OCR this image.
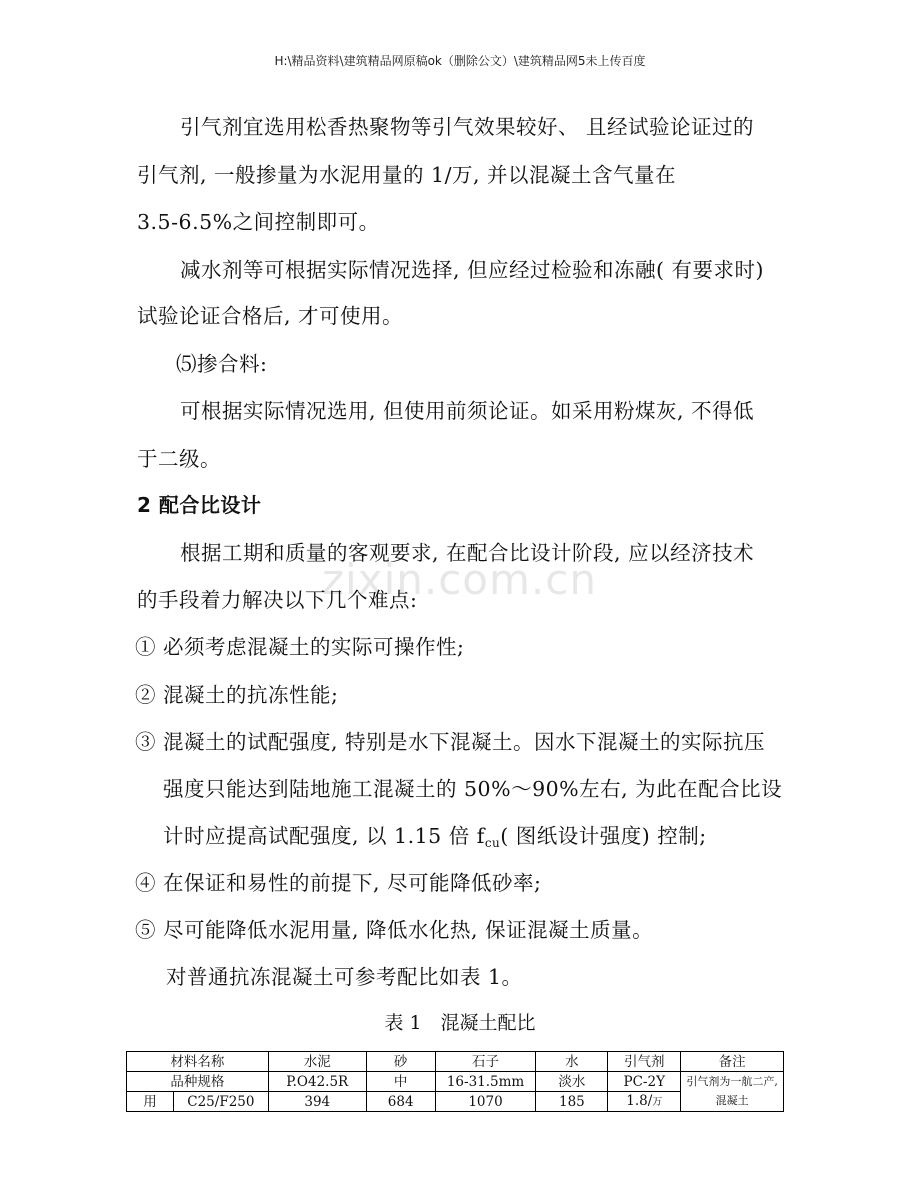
H:\精品资料\建筑精品网原稿ok（删除公文）\建筑精品网5未上传百度
zixin.com.cn
引气剂宜选用松香热聚物等引气效果较好、 且经试验论证过的
引气剂, 一般掺量为水泥用量的 1/万, 并以混凝土含气量在
3.5-6.5%之间控制即可。
减水剂等可根据实际情况选择, 但应经过检验和冻融( 有要求时)
试验论证合格后, 才可使用。
⑸掺合料:
可根据实际情况选用, 但使用前须论证。如采用粉煤灰, 不得低
于二级。
2 配合比设计
根据工期和质量的客观要求, 在配合比设计阶段, 应以经济技术
的手段着力解决以下几个难点:
① 必须考虑混凝土的实际可操作性;
② 混凝土的抗冻性能;
③ 混凝土的试配强度, 特别是水下混凝土。因水下混凝土的实际抗压
强度只能达到陆地施工混凝土的 50%～90%左右, 为此在配合比设
计时应提高试配强度, 以 1.15 倍 fcu( 图纸设计强度) 控制;
④ 在保证和易性的前提下, 尽可能降低砂率;
⑤ 尽可能降低水泥用量, 降低水化热, 保证混凝土质量。
对普通抗冻混凝土可参考配比如表 1。
表 1　混凝土配比
材料名称		水泥	砂	石子	水	引气剂	备注
品种规格		P.O42.5R	中	16-31.5mm	淡水	PC-2Y	引气剂为一航二产, 混凝土
用	C25/F250	394	684	1070	185	1.8/万	
